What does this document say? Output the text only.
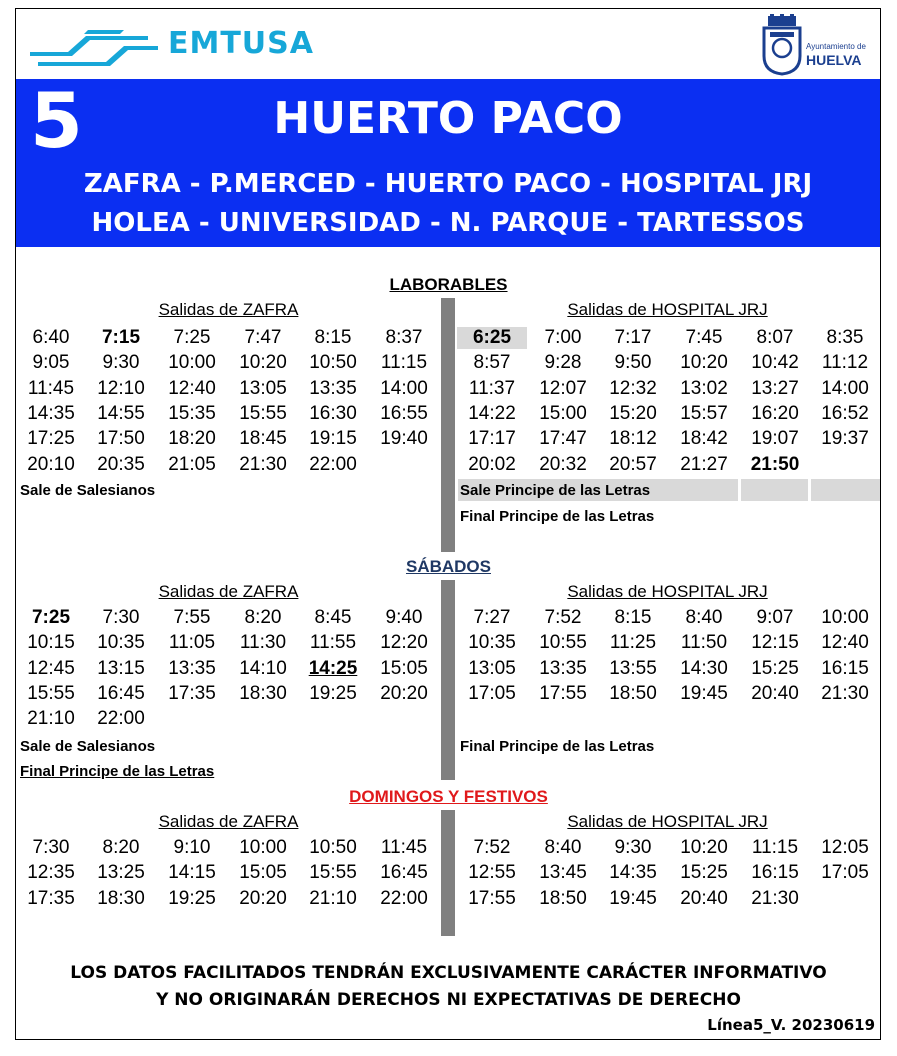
EMTUSA	Ayuntamiento de
HUELVA
5	HUERTO PACO
ZAFRA - P.MERCED - HUERTO PACO - HOSPITAL JRJ
HOLEA - UNIVERSIDAD - N. PARQUE - TARTESSOS
LABORABLES
Salidas de ZAFRA	Salidas de HOSPITAL JRJ
6:40	7:15	7:25	7:47	8:15	8:37
9:05	9:30	10:00	10:20	10:50	11:15
11:45	12:10	12:40	13:05	13:35	14:00
14:35	14:55	15:35	15:55	16:30	16:55
17:25	17:50	18:20	18:45	19:15	19:40
20:10	20:35	21:05	21:30	22:00
6:25	7:00	7:17	7:45	8:07	8:35
8:57	9:28	9:50	10:20	10:42	11:12
11:37	12:07	12:32	13:02	13:27	14:00
14:22	15:00	15:20	15:57	16:20	16:52
17:17	17:47	18:12	18:42	19:07	19:37
20:02	20:32	20:57	21:27	21:50
Sale de Salesianos	Sale Principe de las Letras
Final Principe de las Letras
SÁBADOS
Salidas de ZAFRA	Salidas de HOSPITAL JRJ
7:25	7:30	7:55	8:20	8:45	9:40
10:15	10:35	11:05	11:30	11:55	12:20
12:45	13:15	13:35	14:10	14:25	15:05
15:55	16:45	17:35	18:30	19:25	20:20
21:10	22:00
7:27	7:52	8:15	8:40	9:07	10:00
10:35	10:55	11:25	11:50	12:15	12:40
13:05	13:35	13:55	14:30	15:25	16:15
17:05	17:55	18:50	19:45	20:40	21:30
Sale de Salesianos
Final Principe de las Letras
Final Principe de las Letras
DOMINGOS Y FESTIVOS
Salidas de ZAFRA	Salidas de HOSPITAL JRJ
7:30	8:20	9:10	10:00	10:50	11:45
12:35	13:25	14:15	15:05	15:55	16:45
17:35	18:30	19:25	20:20	21:10	22:00
7:52	8:40	9:30	10:20	11:15	12:05
12:55	13:45	14:35	15:25	16:15	17:05
17:55	18:50	19:45	20:40	21:30
LOS DATOS FACILITADOS TENDRÁN EXCLUSIVAMENTE CARÁCTER INFORMATIVO
Y NO ORIGINARÁN DERECHOS NI EXPECTATIVAS DE DERECHO
Línea5_V. 20230619
